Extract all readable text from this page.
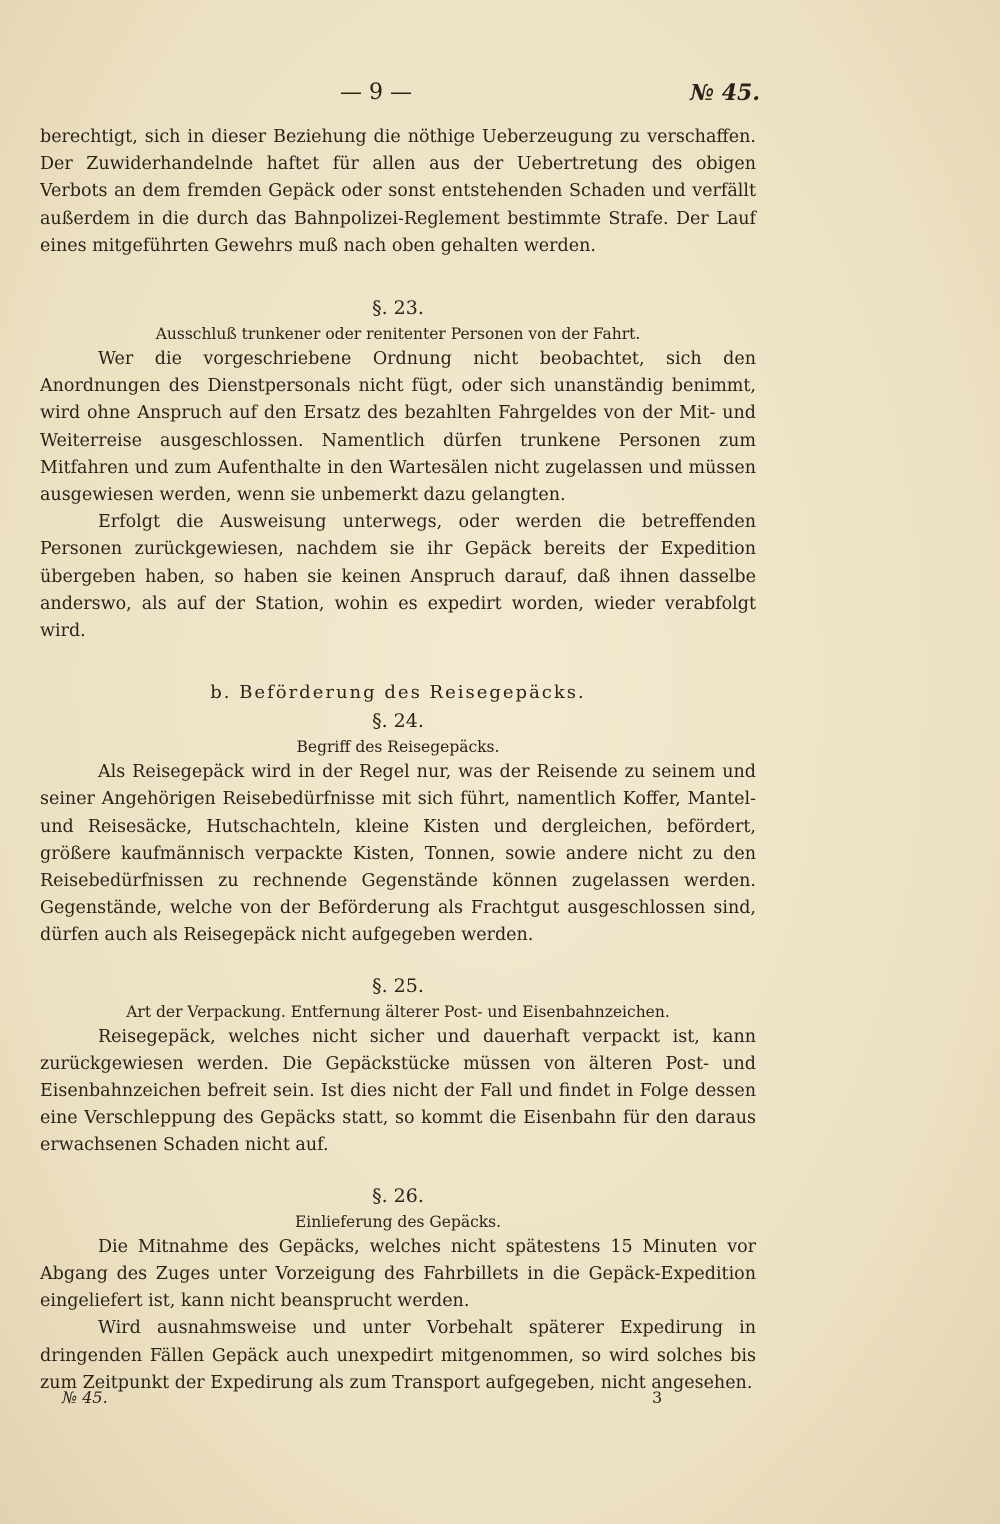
— 9 —	№ 45.

berechtigt, sich in dieser Beziehung die nöthige Ueberzeugung zu verschaffen. Der Zuwiderhandelnde haftet für allen aus der Uebertretung des obigen Verbots an dem fremden Gepäck oder sonst entstehenden Schaden und verfällt außerdem in die durch das Bahnpolizei-Reglement bestimmte Strafe. Der Lauf eines mitgeführten Gewehrs muß nach oben gehalten werden.

§. 23.

Ausschluß trunkener oder renitenter Personen von der Fahrt.

Wer die vorgeschriebene Ordnung nicht beobachtet, sich den Anordnungen des Dienstpersonals nicht fügt, oder sich unanständig benimmt, wird ohne Anspruch auf den Ersatz des bezahlten Fahrgeldes von der Mit- und Weiterreise ausgeschlossen. Namentlich dürfen trunkene Personen zum Mitfahren und zum Aufenthalte in den Wartesälen nicht zugelassen und müssen ausgewiesen werden, wenn sie unbemerkt dazu gelangten.

Erfolgt die Ausweisung unterwegs, oder werden die betreffenden Personen zurückgewiesen, nachdem sie ihr Gepäck bereits der Expedition übergeben haben, so haben sie keinen Anspruch darauf, daß ihnen dasselbe anderswo, als auf der Station, wohin es expedirt worden, wieder verabfolgt wird.

b. Beförderung des Reisegepäcks.

§. 24.

Begriff des Reisegepäcks.

Als Reisegepäck wird in der Regel nur, was der Reisende zu seinem und seiner Angehörigen Reisebedürfnisse mit sich führt, namentlich Koffer, Mantel- und Reisesäcke, Hutschachteln, kleine Kisten und dergleichen, befördert, größere kaufmännisch verpackte Kisten, Tonnen, sowie andere nicht zu den Reisebedürfnissen zu rechnende Gegenstände können zugelassen werden. Gegenstände, welche von der Beförderung als Frachtgut ausgeschlossen sind, dürfen auch als Reisegepäck nicht aufgegeben werden.

§. 25.

Art der Verpackung. Entfernung älterer Post- und Eisenbahnzeichen.

Reisegepäck, welches nicht sicher und dauerhaft verpackt ist, kann zurückgewiesen werden. Die Gepäckstücke müssen von älteren Post- und Eisenbahnzeichen befreit sein. Ist dies nicht der Fall und findet in Folge dessen eine Verschleppung des Gepäcks statt, so kommt die Eisenbahn für den daraus erwachsenen Schaden nicht auf.

§. 26.

Einlieferung des Gepäcks.

Die Mitnahme des Gepäcks, welches nicht spätestens 15 Minuten vor Abgang des Zuges unter Vorzeigung des Fahrbillets in die Gepäck-Expedition eingeliefert ist, kann nicht beansprucht werden.

Wird ausnahmsweise und unter Vorbehalt späterer Expedirung in dringenden Fällen Gepäck auch unexpedirt mitgenommen, so wird solches bis zum Zeitpunkt der Expedirung als zum Transport aufgegeben, nicht angesehen.

№ 45.	3
